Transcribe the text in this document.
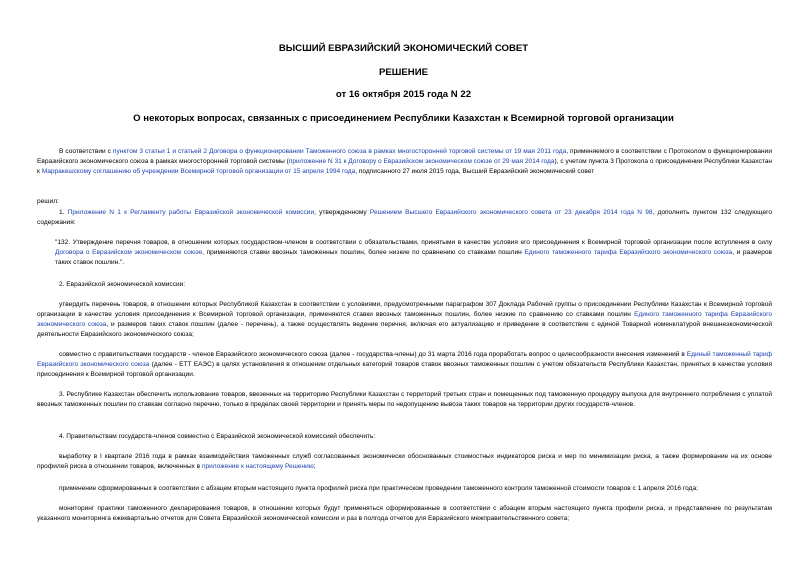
ВЫСШИЙ ЕВРАЗИЙСКИЙ ЭКОНОМИЧЕСКИЙ СОВЕТ
РЕШЕНИЕ
от 16 октября 2015 года N 22
О некоторых вопросах, связанных с присоединением Республики Казахстан к Всемирной торговой организации

В соответствии с пунктом 3 статьи 1 и статьей 2 Договора о функционировании Таможенного союза в рамках многосторонней торговой системы от 19 мая 2011 года, применяемого в соответствии с Протоколом о функционировании Евразийского экономического союза в рамках многосторонней торговой системы (приложение N 31 к Договору о Евразийском экономическом союзе от 29 мая 2014 года), с учетом пункта 3 Протокола о присоединении Республики Казахстан к Марракешскому соглашению об учреждении Всемирной торговой организации от 15 апреля 1994 года, подписанного 27 июля 2015 года, Высший Евразийский экономический совет

решил:

1. Приложение N 1 к Регламенту работы Евразийской экономической комиссии, утвержденному Решением Высшего Евразийского экономического совета от 23 декабря 2014 года N 98, дополнить пунктом 132 следующего содержания:

"132. Утверждение перечня товаров, в отношении которых государством-членом в соответствии с обязательствами, принятыми в качестве условия его присоединения к Всемирной торговой организации после вступления в силу Договора о Евразийском экономическом союзе, применяются ставки ввозных таможенных пошлин, более низкие по сравнению со ставками пошлин Единого таможенного тарифа Евразийского экономического союза, и размеров таких ставок пошлин.".

2. Евразийской экономической комиссии:

утвердить перечень товаров, в отношении которых Республикой Казахстан в соответствии с условиями, предусмотренными параграфом 307 Доклада Рабочей группы о присоединении Республики Казахстан к Всемирной торговой организации в качестве условия присоединения к Всемирной торговой организации, применяются ставки ввозных таможенных пошлин, более низкие по сравнению со ставками пошлин Единого таможенного тарифа Евразийского экономического союза, и размеров таких ставок пошлин (далее - перечень), а также осуществлять ведение перечня, включая его актуализацию и приведение в соответствие с единой Товарной номенклатурой внешнеэкономической деятельности Евразийского экономического союза;

совместно с правительствами государств - членов Евразийского экономического союза (далее - государства-члены) до 31 марта 2016 года проработать вопрос о целесообразности внесения изменений в Единый таможенный тариф Евразийского экономического союза (далее - ЕТТ ЕАЭС) в целях установления в отношении отдельных категорий товаров ставок ввозных таможенных пошлин с учетом обязательств Республики Казахстан, принятых в качестве условия присоединения к Всемирной торговой организации.

3. Республике Казахстан обеспечить использование товаров, ввезенных на территорию Республики Казахстан с территорий третьих стран и помещенных под таможенную процедуру выпуска для внутреннего потребления с уплатой ввозных таможенных пошлин по ставкам согласно перечню, только в пределах своей территории и принять меры по недопущению вывоза таких товаров на территории других государств-членов.

4. Правительствам государств-членов совместно с Евразийской экономической комиссией обеспечить:

выработку в I квартале 2016 года в рамках взаимодействия таможенных служб согласованных экономически обоснованных стоимостных индикаторов риска и мер по минимизации риска, а также формирование на их основе профилей риска в отношении товаров, включенных в приложение к настоящему Решению;

применение сформированных в соответствии с абзацем вторым настоящего пункта профилей риска при практическом проведении таможенного контроля таможенной стоимости товаров с 1 апреля 2016 года;

мониторинг практики таможенного декларирования товаров, в отношении которых будут применяться сформированные в соответствии с абзацем вторым настоящего пункта профили риска, и представление по результатам указанного мониторинга ежеквартально отчетов для Совета Евразийской экономической комиссии и раз в полгода отчетов для Евразийского межправительственного совета;
